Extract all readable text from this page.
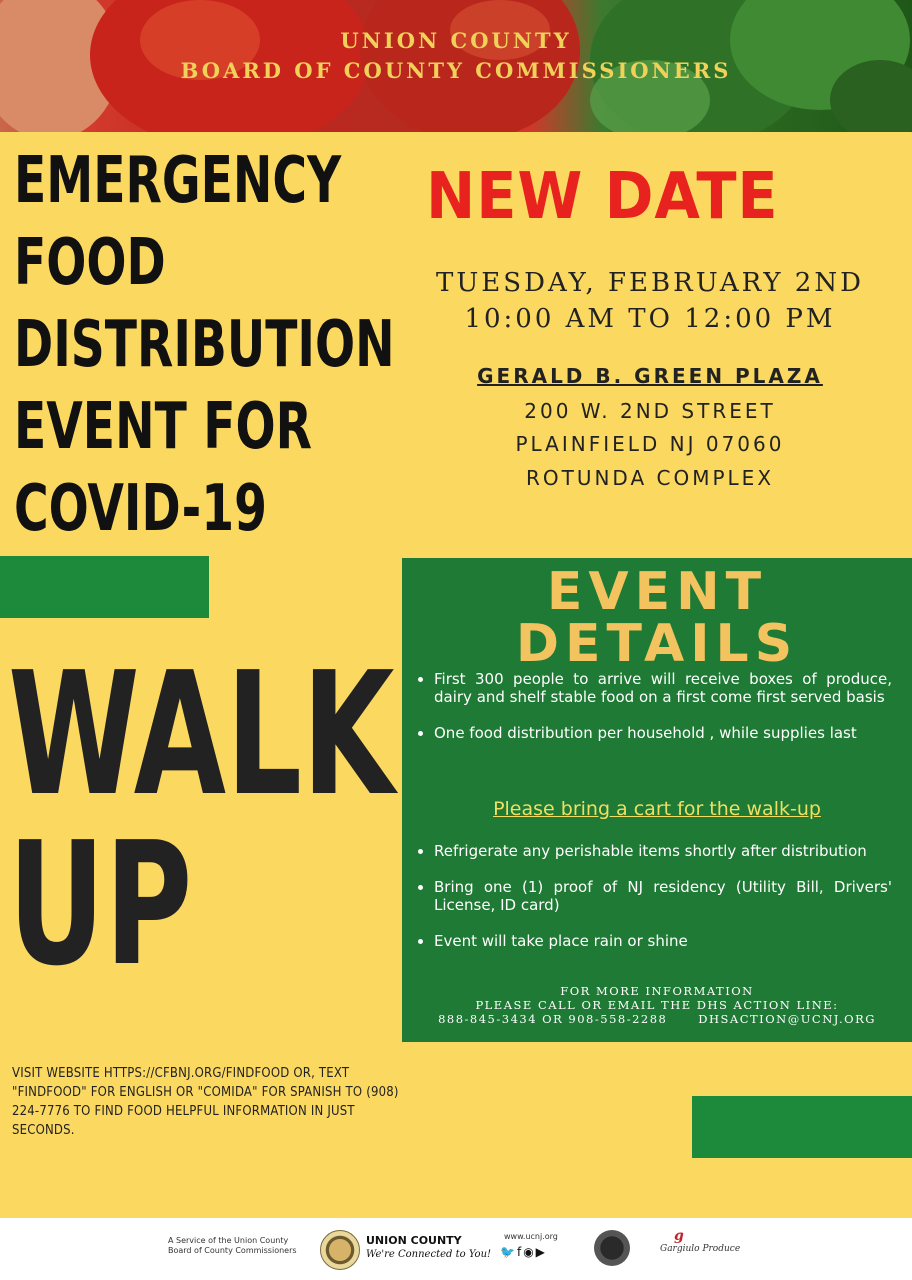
UNION COUNTY
BOARD OF COUNTY COMMISSIONERS
EMERGENCY
FOOD
DISTRIBUTION
EVENT FOR
COVID-19
NEW DATE
TUESDAY, FEBRUARY 2ND
10:00 AM TO 12:00 PM
GERALD B. GREEN PLAZA
200 W. 2ND STREET
PLAINFIELD NJ 07060
ROTUNDA COMPLEX
WALK
UP
EVENT
DETAILS
First 300 people to arrive will receive boxes of produce, dairy and shelf stable food on a first come first served basis
One food distribution per household , while supplies last
Please bring a cart for the walk-up
Refrigerate any perishable items shortly after distribution
Bring one (1) proof of NJ residency (Utility Bill, Drivers' License, ID card)
Event will take place rain or shine
FOR MORE INFORMATION
PLEASE CALL OR EMAIL THE DHS ACTION LINE:
888-845-3434 OR 908-558-2288      DHSACTION@UCNJ.ORG
VISIT WEBSITE HTTPS://CFBNJ.ORG/FINDFOOD OR, TEXT "FINDFOOD" FOR ENGLISH OR "COMIDA" FOR SPANISH TO (908) 224-7776 TO FIND FOOD HELPFUL INFORMATION IN JUST SECONDS.
A Service of the Union County
Board of County Commissioners
UNION COUNTY
We're Connected to You!
www.ucnj.org
🐦f◉▶
g
Gargiulo Produce
